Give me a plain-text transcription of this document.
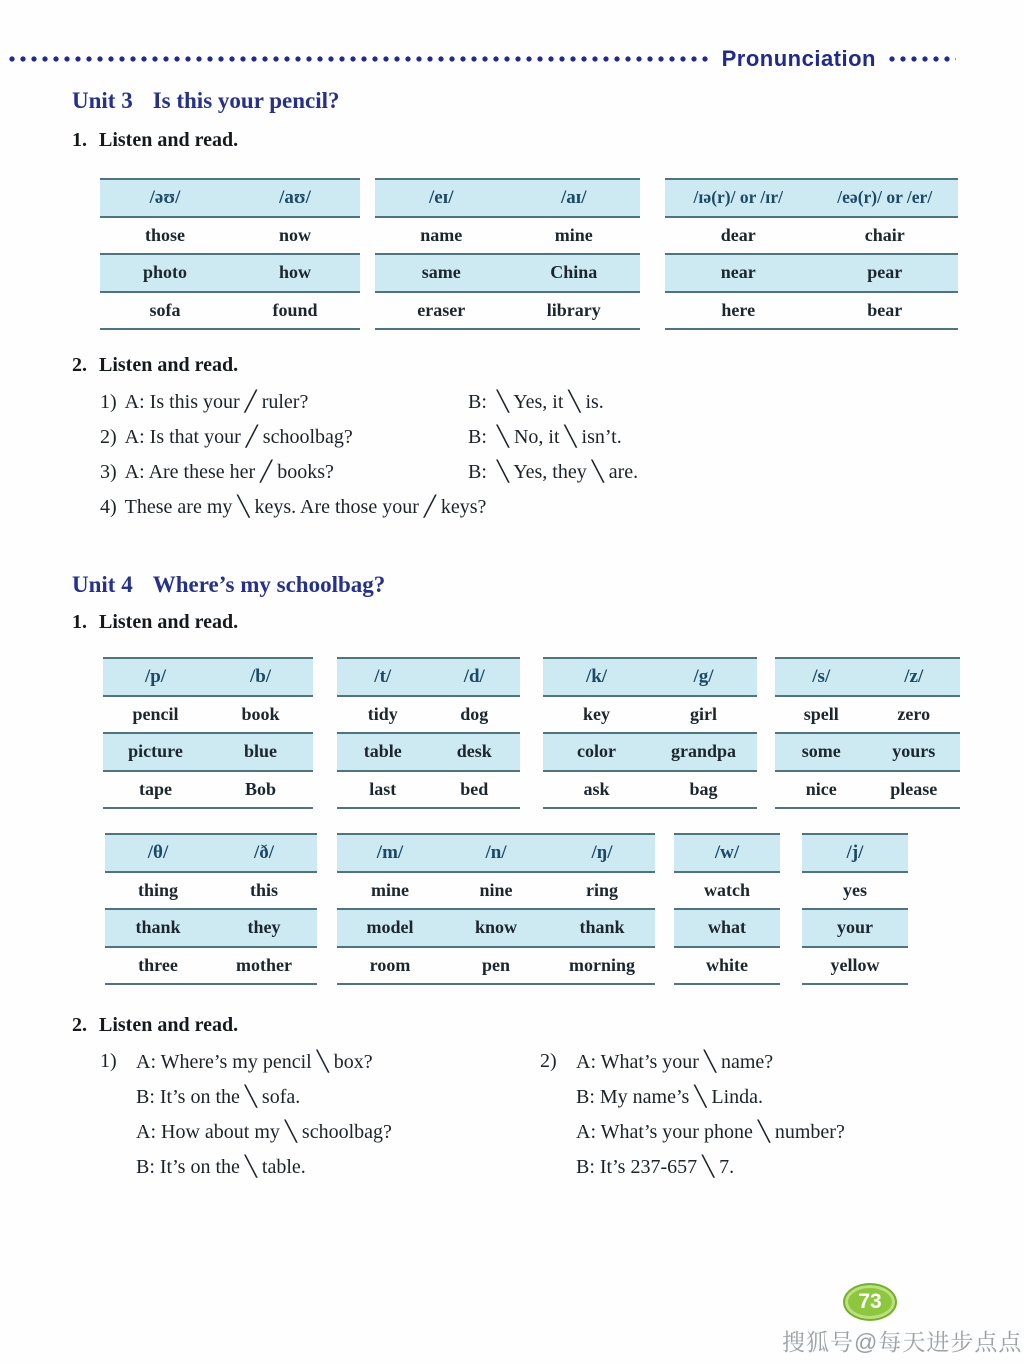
Pronunciation
Unit 3 Is this your pencil?
1. Listen and read.
/əʊ/	/aʊ/
those	now
photo	how
sofa	found
/eɪ/	/aɪ/
name	mine
same	China
eraser	library
/ɪə(r)/ or /ɪr/	/eə(r)/ or /er/
dear	chair
near	pear
here	bear
2. Listen and read.
1) A: Is this your ╱ ruler?	B:  ╲ Yes, it ╲ is.
2) A: Is that your ╱ schoolbag?	B:  ╲ No, it ╲ isn’t.
3) A: Are these her ╱ books?	B:  ╲ Yes, they ╲ are.
4) These are my ╲ keys. Are those your ╱ keys?
Unit 4 Where’s my schoolbag?
1. Listen and read.
/p/	/b/
pencil	book
picture	blue
tape	Bob
/t/	/d/
tidy	dog
table	desk
last	bed
/k/	/g/
key	girl
color	grandpa
ask	bag
/s/	/z/
spell	zero
some	yours
nice	please
/θ/	/ð/
thing	this
thank	they
three	mother
/m/	/n/	/ŋ/
mine	nine	ring
model	know	thank
room	pen	morning
/w/
watch
what
white
/j/
yes
your
yellow
2. Listen and read.
1) A: Where’s my pencil ╲ box?
B: It’s on the ╲ sofa.
A: How about my ╲ schoolbag?
B: It’s on the ╲ table.
2) A: What’s your ╲ name?
B: My name’s ╲ Linda.
A: What’s your phone ╲ number?
B: It’s 237-657 ╲ 7.
73
搜狐号@每天进步点点
